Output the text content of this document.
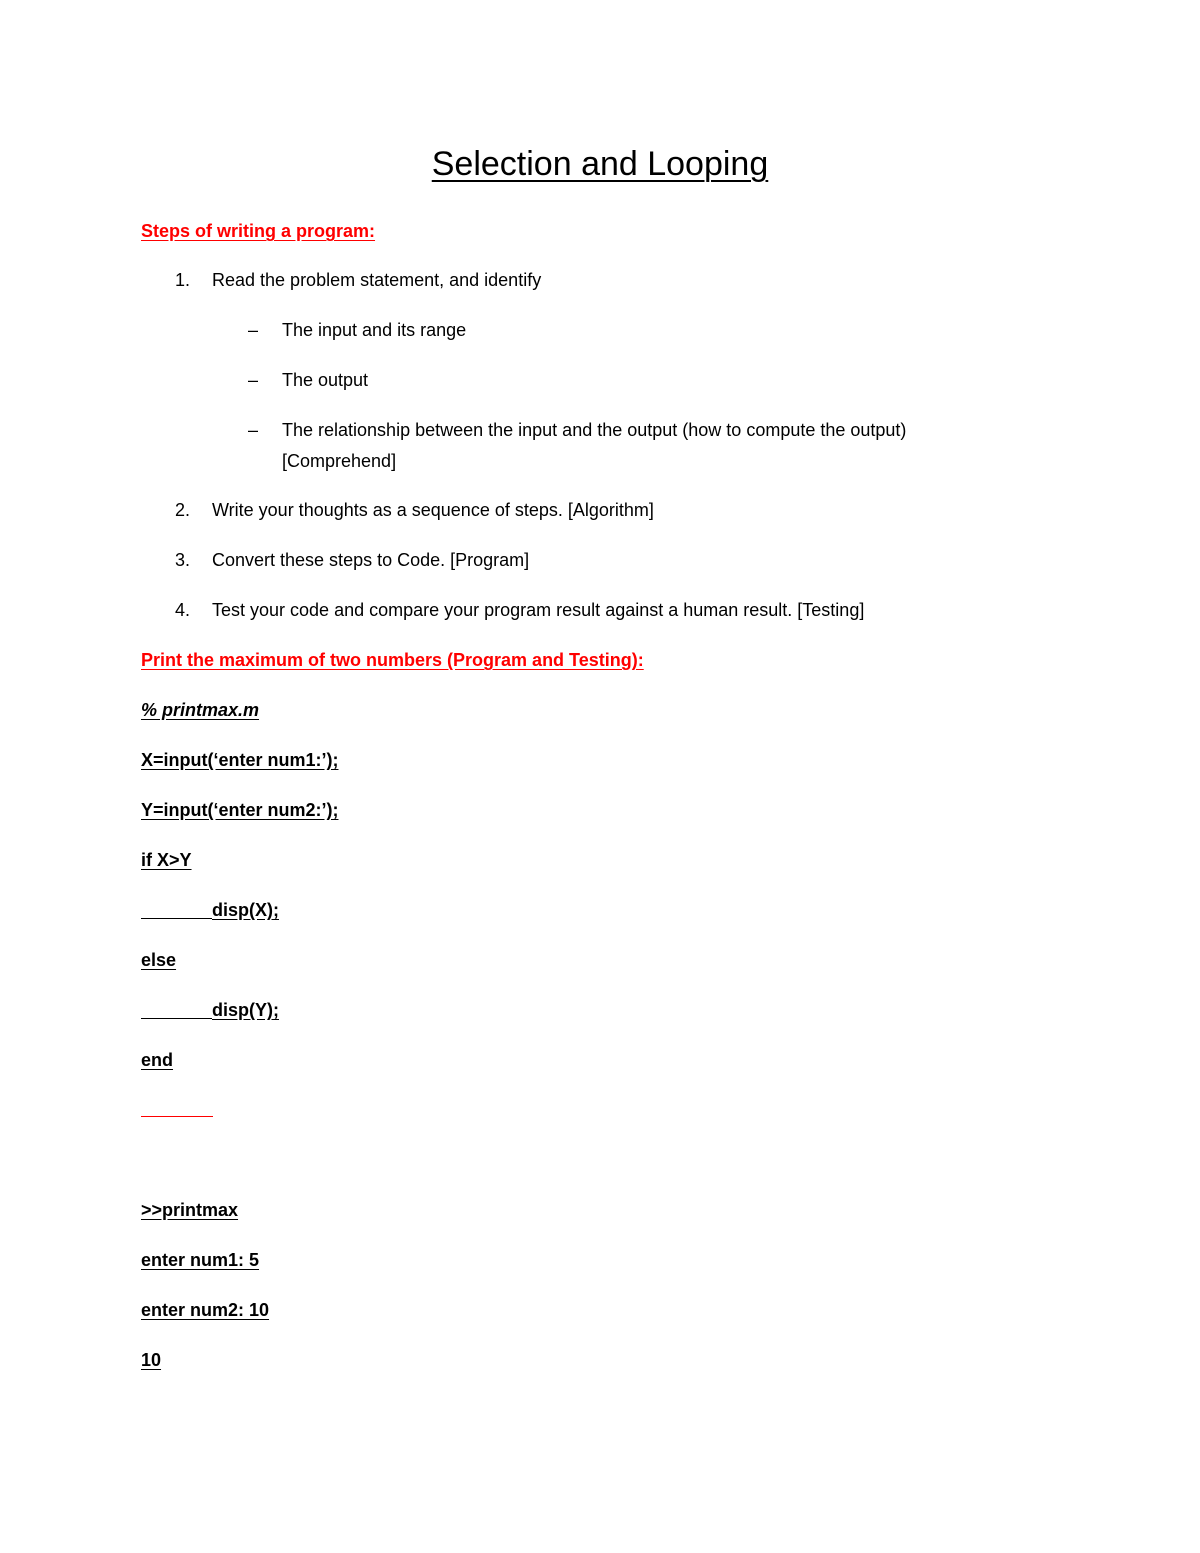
Selection and Looping
Steps of writing a program:
1. Read the problem statement, and identify
– The input and its range
– The output
– The relationship between the input and the output (how to compute the output)
[Comprehend]
2. Write your thoughts as a sequence of steps. [Algorithm]
3. Convert these steps to Code. [Program]
4. Test your code and compare your program result against a human result. [Testing]
Print the maximum of two numbers (Program and Testing):
% printmax.m
X=input(‘enter num1:’);
Y=input(‘enter num2:’);
if X>Y
disp(X);
else
disp(Y);
end
>>printmax
enter num1: 5
enter num2: 10
10
